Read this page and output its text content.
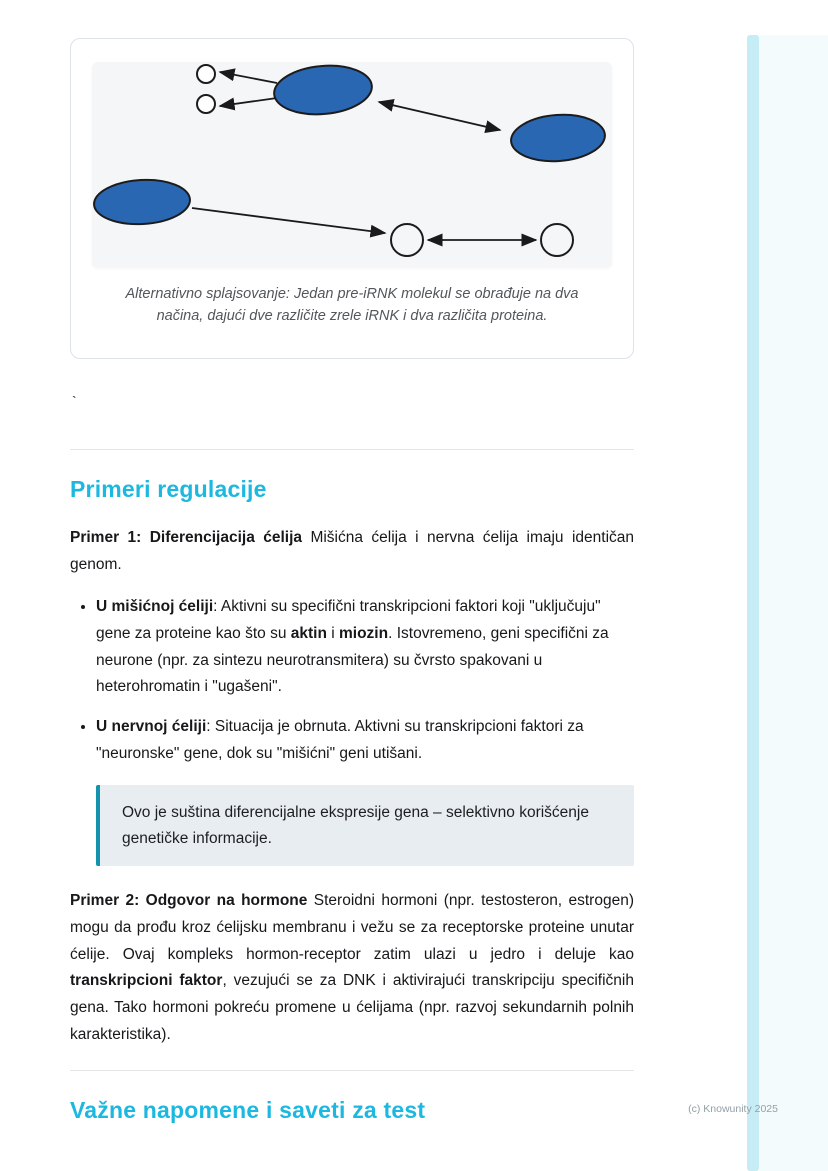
Alternativno splajsovanje: Jedan pre-iRNK molekul se obrađuje na dva načina, dajući dve različite zrele iRNK i dva različita proteina.
`
Primeri regulacije

Primer 1: Diferencijacija ćelija Mišićna ćelija i nervna ćelija imaju identičan genom.

• U mišićnoj ćeliji: Aktivni su specifični transkripcioni faktori koji "uključuju" gene za proteine kao što su aktin i miozin. Istovremeno, geni specifični za neurone (npr. za sintezu neurotransmitera) su čvrsto spakovani u heterohromatin i "ugašeni".
• U nervnoj ćeliji: Situacija je obrnuta. Aktivni su transkripcioni faktori za "neuronske" gene, dok su "mišićni" geni utišani.

Ovo je suština diferencijalne ekspresije gena – selektivno korišćenje genetičke informacije.

Primer 2: Odgovor na hormone Steroidni hormoni (npr. testosteron, estrogen) mogu da prođu kroz ćelijsku membranu i vežu se za receptorske proteine unutar ćelije. Ovaj kompleks hormon-receptor zatim ulazi u jedro i deluje kao transkripcioni faktor, vezujući se za DNK i aktivirajući transkripciju specifičnih gena. Tako hormoni pokreću promene u ćelijama (npr. razvoj sekundarnih polnih karakteristika).

Važne napomene i saveti za test	(c) Knowunity 2025
